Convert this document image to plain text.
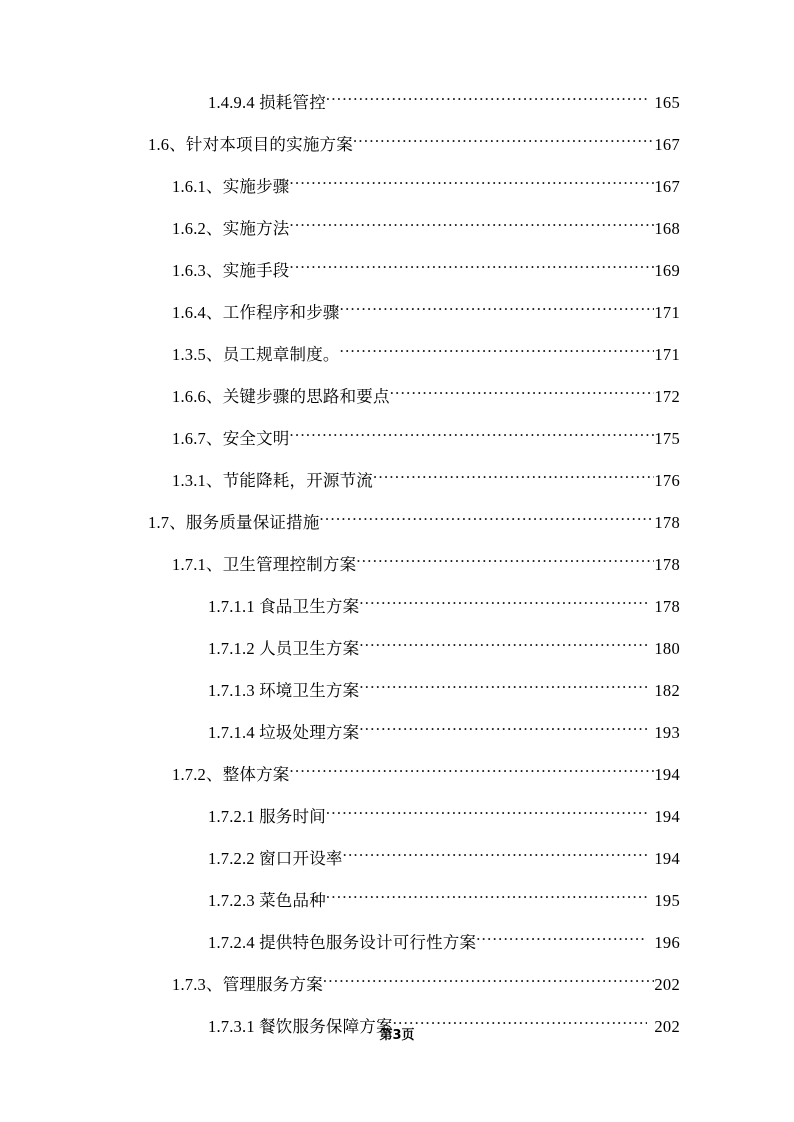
1.4.9.4 损耗管控 .....	165
1.6、针对本项目的实施方案 .....	167
1.6.1、实施步骤 .....	167
1.6.2、实施方法 .....	168
1.6.3、实施手段 .....	169
1.6.4、工作程序和步骤 .....	171
1.3.5、员工规章制度。 .....	171
1.6.6、关键步骤的思路和要点 .....	172
1.6.7、安全文明 .....	175
1.3.1、节能降耗，开源节流 .....	176
1.7、服务质量保证措施 .....	178
1.7.1、卫生管理控制方案 .....	178
1.7.1.1 食品卫生方案 .....	178
1.7.1.2 人员卫生方案 .....	180
1.7.1.3 环境卫生方案 .....	182
1.7.1.4 垃圾处理方案 .....	193
1.7.2、整体方案 .....	194
1.7.2.1 服务时间 .....	194
1.7.2.2 窗口开设率 .....	194
1.7.2.3 菜色品种 .....	195
1.7.2.4 提供特色服务设计可行性方案 .....	196
1.7.3、管理服务方案 .....	202
1.7.3.1 餐饮服务保障方案 .....	202
第3页
